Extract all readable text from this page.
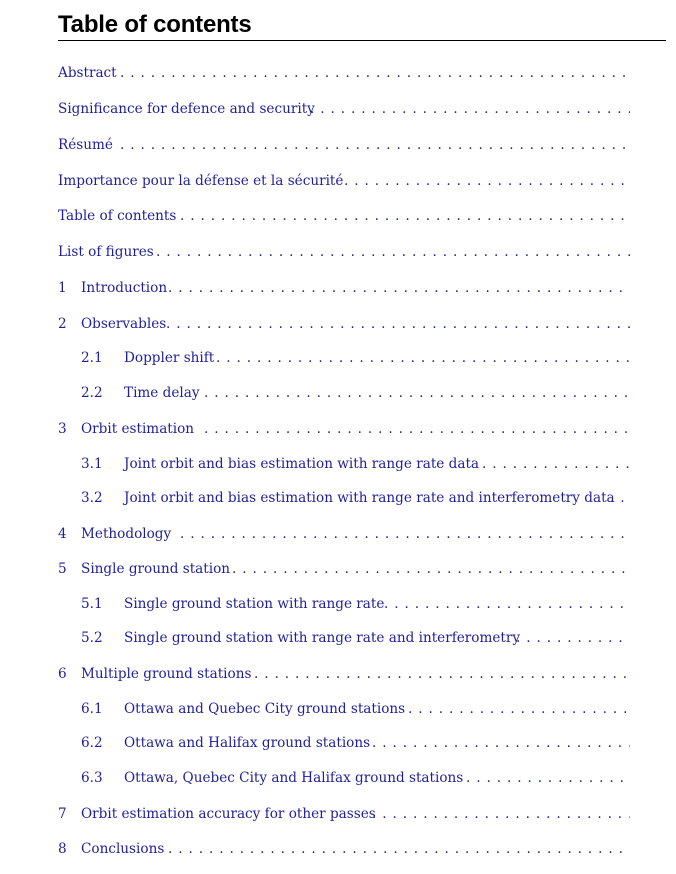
Table of contents
Abstract
. . .
Significance for defence and security
. . .
Résumé
. . .
Importance pour la défense et la sécurité
. . .
Table of contents
. . .
List of figures
. . .
1 Introduction
. . .
2 Observables
. . .
2.1 Doppler shift
. . .
2.2 Time delay
. . .
3 Orbit estimation
. . .
3.1 Joint orbit and bias estimation with range rate data
. . .
3.2 Joint orbit and bias estimation with range rate and interferometry data
. . .
4 Methodology
. . .
5 Single ground station
. . .
5.1 Single ground station with range rate
. . .
5.2 Single ground station with range rate and interferometry
. . .
6 Multiple ground stations
. . .
6.1 Ottawa and Quebec City ground stations
. . .
6.2 Ottawa and Halifax ground stations
. . .
6.3 Ottawa, Quebec City and Halifax ground stations
. . .
7 Orbit estimation accuracy for other passes
. . .
8 Conclusions
. . .
